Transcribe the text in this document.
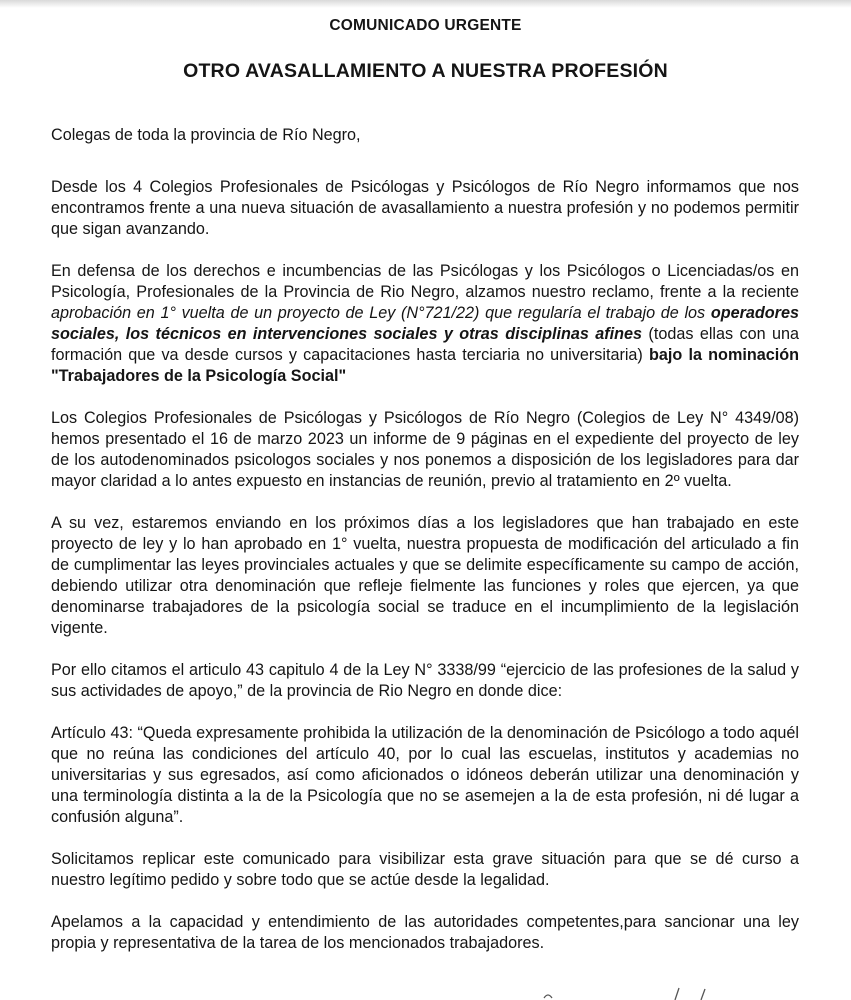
COMUNICADO URGENTE
OTRO AVASALLAMIENTO A NUESTRA PROFESIÓN

Colegas de toda la provincia de Río Negro,

Desde los 4 Colegios Profesionales de Psicólogas y Psicólogos de Río Negro informamos que nos encontramos frente a una nueva situación de avasallamiento a nuestra profesión y no podemos permitir que sigan avanzando.

En defensa de los derechos e incumbencias de las Psicólogas y los Psicólogos o Licenciadas/os en Psicología, Profesionales de la Provincia de Rio Negro, alzamos nuestro reclamo, frente a la reciente aprobación en 1° vuelta de un proyecto de Ley (N°721/22) que regularía el trabajo de los operadores sociales, los técnicos en intervenciones sociales y otras disciplinas afines (todas ellas con una formación que va desde cursos y capacitaciones hasta terciaria no universitaria) bajo la nominación "Trabajadores de la Psicología Social"

Los Colegios Profesionales de Psicólogas y Psicólogos de Río Negro (Colegios de Ley N° 4349/08) hemos presentado el 16 de marzo 2023 un informe de 9 páginas en el expediente del proyecto de ley de los autodenominados psicologos sociales y nos ponemos a disposición de los legisladores para dar mayor claridad a lo antes expuesto en instancias de reunión, previo al tratamiento en 2º vuelta.

A su vez, estaremos enviando en los próximos días a los legisladores que han trabajado en este proyecto de ley y lo han aprobado en 1° vuelta, nuestra propuesta de modificación del articulado a fin de cumplimentar las leyes provinciales actuales y que se delimite específicamente su campo de acción, debiendo utilizar otra denominación que refleje fielmente las funciones y roles que ejercen, ya que denominarse trabajadores de la psicología social se traduce en el incumplimiento de la legislación vigente.

Por ello citamos el articulo 43 capitulo 4 de la Ley N° 3338/99 “ejercicio de las profesiones de la salud y sus actividades de apoyo,” de la provincia de Rio Negro en donde dice:

Artículo 43: “Queda expresamente prohibida la utilización de la denominación de Psicólogo a todo aquél que no reúna las condiciones del artículo 40, por lo cual las escuelas, institutos y academias no universitarias y sus egresados, así como aficionados o idóneos deberán utilizar una denominación y una terminología distinta a la de la Psicología que no se asemejen a la de esta profesión, ni dé lugar a confusión alguna”.

Solicitamos replicar este comunicado para visibilizar esta grave situación para que se dé curso a nuestro legítimo pedido y sobre todo que se actúe desde la legalidad.

Apelamos a la capacidad y entendimiento de las autoridades competentes,para sancionar una ley propia y representativa de la tarea de los mencionados trabajadores.
